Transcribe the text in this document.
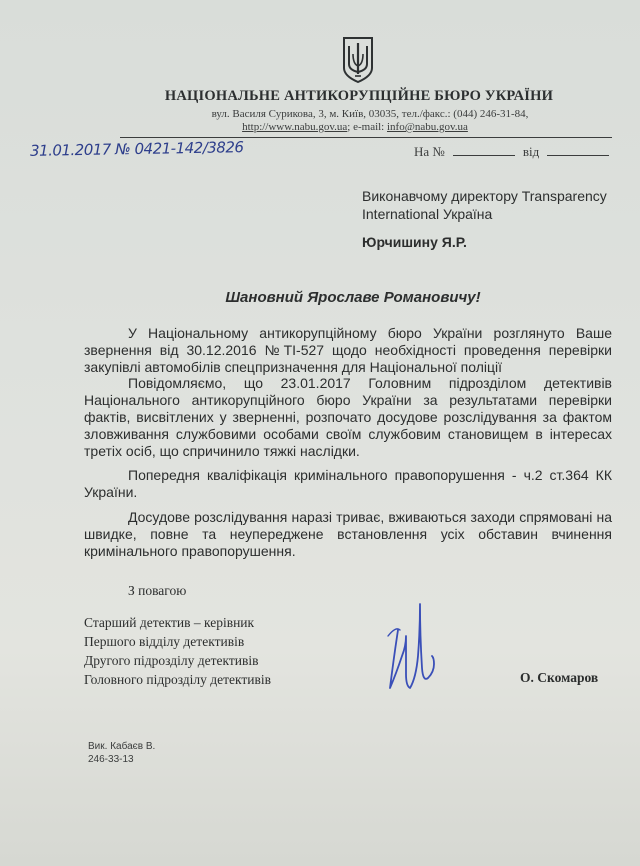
НАЦІОНАЛЬНЕ АНТИКОРУПЦІЙНЕ БЮРО УКРАЇНИ
вул. Василя Сурикова, 3, м. Київ, 03035, тел./факс.: (044) 246-31-84,
http://www.nabu.gov.ua; e-mail: info@nabu.gov.ua
31.01.2017 № 0421-142/3826	На №	від
Виконавчому директору Transparency
International Україна
Юрчишину Я.Р.
Шановний Ярославе Романовичу!

У Національному антикорупційному бюро України розглянуто Ваше звернення від 30.12.2016 №ТІ-527 щодо необхідності проведення перевірки закупівлі автомобілів спецпризначення для Національної поліції

Повідомляємо, що 23.01.2017 Головним підрозділом детективів Національного антикорупційного бюро України за результатами перевірки фактів, висвітлених у зверненні, розпочато досудове розслідування за фактом зловживання службовими особами своїм службовим становищем в інтересах третіх осіб, що спричинило тяжкі наслідки.

Попередня кваліфікація кримінального правопорушення - ч.2 ст.364 КК України.

Досудове розслідування наразі триває, вживаються заходи спрямовані на швидке, повне та неупереджене встановлення усіх обставин вчинення кримінального правопорушення.

З повагою
Старший детектив – керівник
Першого відділу детективів
Другого підрозділу детективів
Головного підрозділу детективів	О. Скомаров
Вик. Кабаєв В.
246-33-13
